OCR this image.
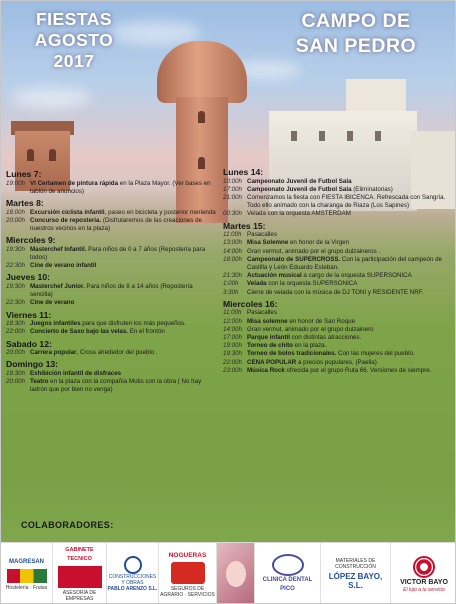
FIESTAS
AGOSTO
2017
CAMPO DE
SAN PEDRO
Lunes 7:
19:00h VI Certamen de pintura rápida en la Plaza Mayor. (Ver bases en tablón de anuncios)
Martes 8:
18:00h Excursión ciclista infantil, paseo en bicicleta y posterior merienda
20:00h Concurso de repostería. (Disfrutaremos de las creaciones de nuestros vecinos en la plaza)
Miercoles 9:
19:30h Masterchef Infantil. Para niños de 0 a 7 años (Repostería para todos)
22:30h Cine de verano infantil
Jueves 10:
19:30h Masterchef Junior. Para niños de 8 a 14 años (Repostería sencilla)
22:30h Cine de verano
Viernes 11:
18:30h Juegos infantiles para que disfruten los más pequeños.
22:00h Concierto de Saxo bajo las velas. En el frontón
Sabado 12:
20:00h Carrera popular, Cross alrededor del pueblo .
Domingo 13:
18:30h Exhibición infantil de disfraces
20:00h Teatro en la plaza con la compañía Mutis con la obra ( No hay ladrón que por bien no venga)
Lunes 14:
10:00h Campeonato Juvenil de Futbol Sala
17:00h Campeonato Juvenil de Futbol Sala (Eliminatorias)
21:00h Comenzamos la fiesta con FIESTA IBICENCA. Refrescada con Sangría. Todo ello animado con la charanga de Riaza (Los Sapines)
00:30h Velada con la orquesta AMSTERDAM
Martes 15:
11:00h Pasacalles
13:00h Misa Solemne en honor de la Virgen
14:00h Gran vermut, animado por el grupo dulzaineros .
18:00h Campeonato de SUPERCROSS. Con la participación del campeón de Castilla y León Eduardo Esteban.
21:30h Actuación musical a cargo de la orquesta SUPERSONICA
1:00h	Velada con la orquesta SUPERSONICA
3:30h	Cierre de velada con la música de DJ TONI y RESIDENTE NRF.
Miercoles 16:
11:00h Pasacalles
12:00h Misa solemne en honor de San Roque
14:00h Gran vermut, animado por el grupo dulzainero
17:00h Parque infantil con distintas atracciones.
19:00h Torneo de chito en la plaza.
19:30h Torneo de bolos tradicionales. Con las mujeres del pueblo.
22:00h CENA POPULAR a precios populares, (Paella)
23:00h Música Rock ofrecida por el grupo Ruta 66. Versiones de siempre.
COLABORADORES:
MAGRESAN
Hostelería · Frutas
GABINETE TECNICO
ASESORÍA DE EMPRESAS
CONSTRUCCIONES Y OBRAS
PABLO ARENZO S.L.
NOGUERAS
SEGUROS DE AGRARIO · SERVICIOS
CLINICA DENTAL PICO
MATERIALES DE CONSTRUCCIÓN
LÓPEZ BAYO, S.L.	VICTOR BAYO
El lujo a tu servicio
